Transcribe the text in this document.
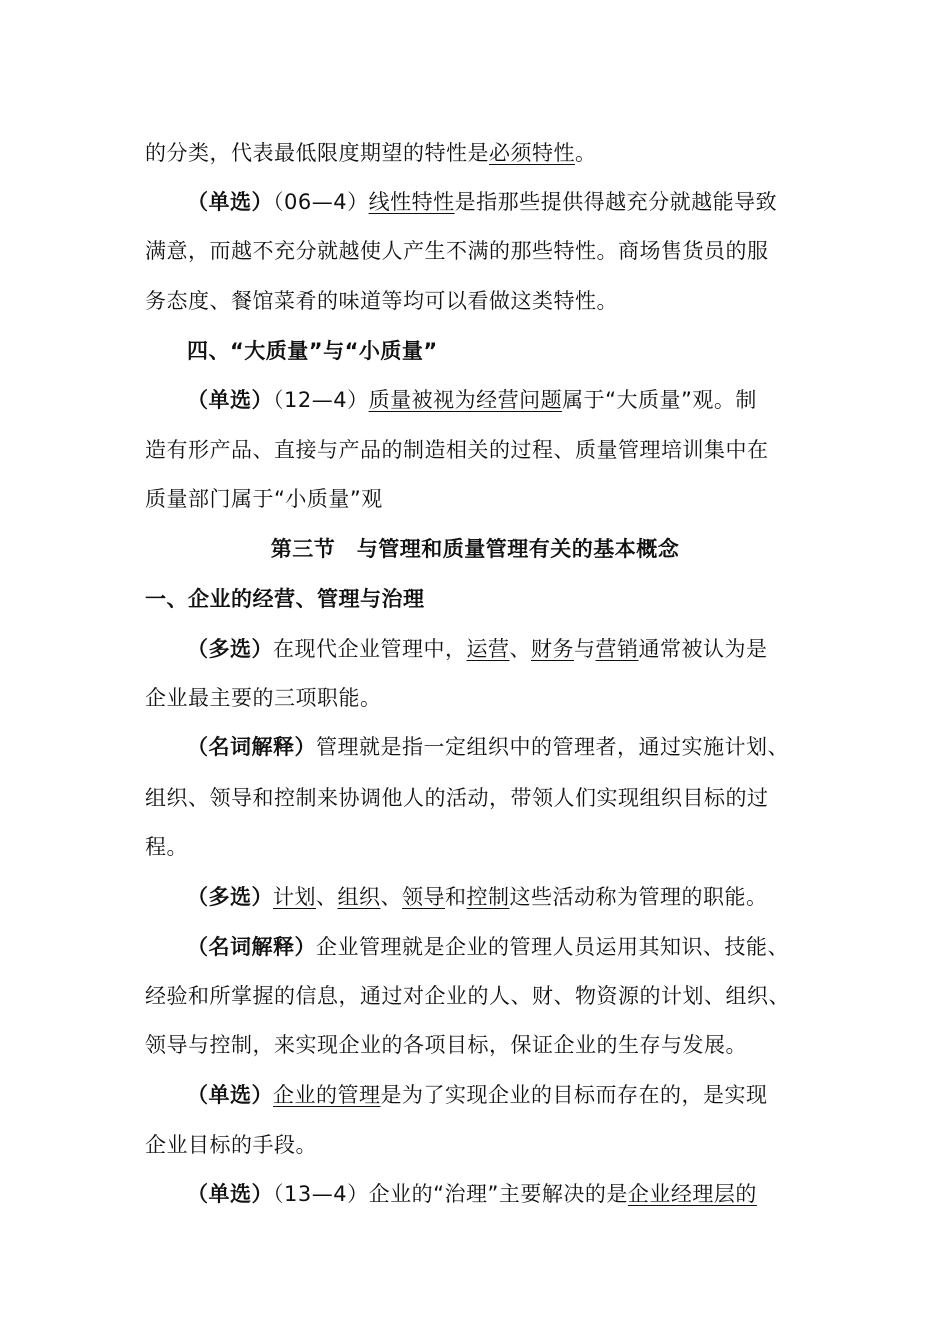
的分类，代表最低限度期望的特性是必须特性。
（单选）（06—4）线性特性是指那些提供得越充分就越能导致
满意，而越不充分就越使人产生不满的那些特性。商场售货员的服
务态度、餐馆菜肴的味道等均可以看做这类特性。
四、“大质量”与“小质量”
（单选）（12—4）质量被视为经营问题属于“大质量”观。制
造有形产品、直接与产品的制造相关的过程、质量管理培训集中在
质量部门属于“小质量”观
第三节　与管理和质量管理有关的基本概念
一、企业的经营、管理与治理
（多选）在现代企业管理中，运营、财务与营销通常被认为是
企业最主要的三项职能。
（名词解释）管理就是指一定组织中的管理者，通过实施计划、
组织、领导和控制来协调他人的活动，带领人们实现组织目标的过
程。
（多选）计划、组织、领导和控制这些活动称为管理的职能。
（名词解释）企业管理就是企业的管理人员运用其知识、技能、
经验和所掌握的信息，通过对企业的人、财、物资源的计划、组织、
领导与控制，来实现企业的各项目标，保证企业的生存与发展。
（单选）企业的管理是为了实现企业的目标而存在的，是实现
企业目标的手段。
（单选）（13—4）企业的“治理”主要解决的是企业经理层的
